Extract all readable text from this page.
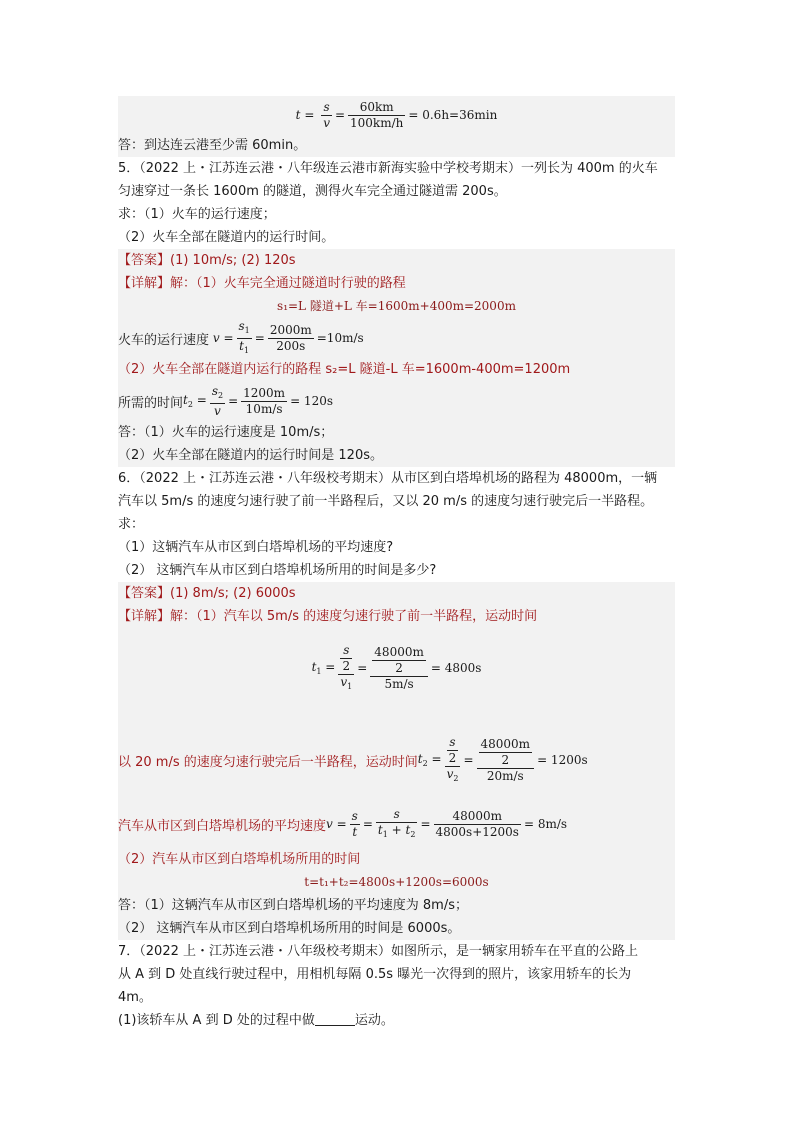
$t = \frac{s}{v} = \frac{60km}{100km/h} = 0.6h=36\min$
答：到达连云港至少需 60min。
5．（2022 上・江苏连云港・八年级连云港市新海实验中学校考期末）一列长为 400m 的火车
匀速穿过一条长 1600m 的隧道，测得火车完全通过隧道需 200s。
求：（1）火车的运行速度；
（2）火车全部在隧道内的运行时间。
【答案】(1) 10m/s; (2) 120s
【详解】解：（1）火车完全通过隧道时行驶的路程
s₁=L 隧道+L 车=1600m+400m=2000m
火车的运行速度 $v = \frac{s_1}{t_1} = \frac{2000m}{200s} =10m/s$
（2）火车全部在隧道内运行的路程 s₂=L 隧道-L 车=1600m-400m=1200m
所需的时间 $t_2 = \frac{s_2}{v} = \frac{1200m}{10m/s} = 120s$
答：（1）火车的运行速度是 10m/s；
（2）火车全部在隧道内的运行时间是 120s。
6．（2022 上・江苏连云港・八年级校考期末）从市区到白塔埠机场的路程为 48000m，一辆
汽车以 5m/s 的速度匀速行驶了前一半路程后，又以 20 m/s 的速度匀速行驶完后一半路程。
求：
（1）这辆汽车从市区到白塔埠机场的平均速度?
（2） 这辆汽车从市区到白塔埠机场所用的时间是多少?
【答案】(1) 8m/s; (2) 6000s
【详解】解：（1）汽车以 5m/s 的速度匀速行驶了前一半路程，运动时间
$t_1 = \frac{\frac{s}{2}}{v_1} = \frac{\frac{48000m}{2}}{5m/s} = 4800s$
以 20 m/s 的速度匀速行驶完后一半路程，运动时间 $t_2 = \frac{\frac{s}{2}}{v_2} = \frac{\frac{48000m}{2}}{20m/s} = 1200s$
汽车从市区到白塔埠机场的平均速度 $v = \frac{s}{t} = \frac{s}{t_1 + t_2} = \frac{48000m}{4800s+1200s} = 8m/s$
（2）汽车从市区到白塔埠机场所用的时间
t=t₁+t₂=4800s+1200s=6000s
答：（1）这辆汽车从市区到白塔埠机场的平均速度为 8m/s；
（2） 这辆汽车从市区到白塔埠机场所用的时间是 6000s。
7．（2022 上・江苏连云港・八年级校考期末）如图所示，是一辆家用轿车在平直的公路上
从 A 到 D 处直线行驶过程中，用相机每隔 0.5s 曝光一次得到的照片，该家用轿车的长为
4m。
(1)该轿车从 A 到 D 处的过程中做	运动。
